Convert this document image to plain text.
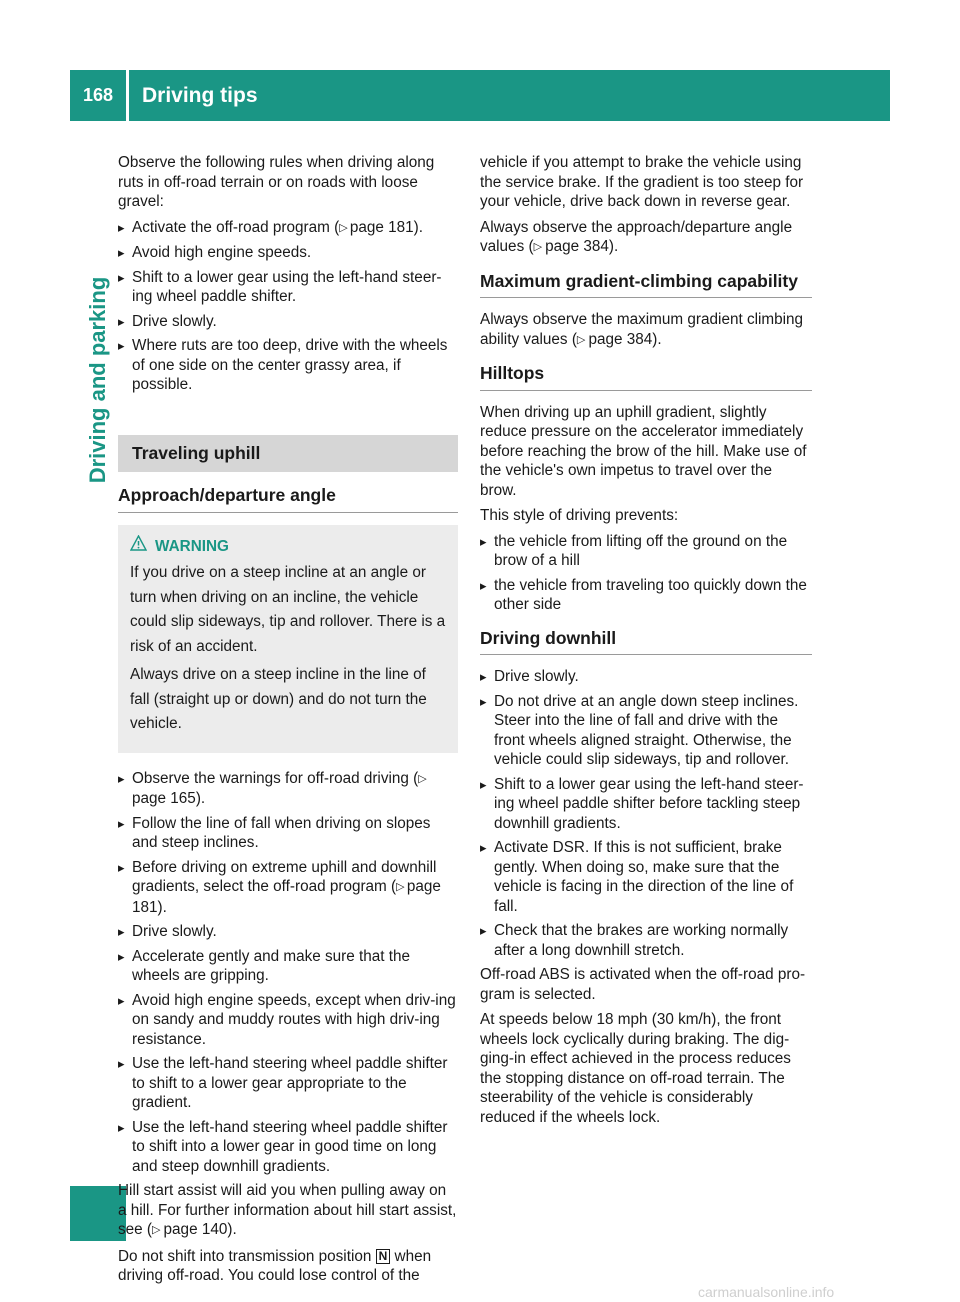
168	Driving tips
Driving and parking

Observe the following rules when driving along ruts in off-road terrain or on roads with loose gravel:

▸ Activate the off-road program (▷ page 181).
▸ Avoid high engine speeds.
▸ Shift to a lower gear using the left-hand steer-ing wheel paddle shifter.
▸ Drive slowly.
▸ Where ruts are too deep, drive with the wheels of one side on the center grassy area, if possible.
Traveling uphill
Approach/departure angle
WARNING

If you drive on a steep incline at an angle or turn when driving on an incline, the vehicle could slip sideways, tip and rollover. There is a risk of an accident.

Always drive on a steep incline in the line of fall (straight up or down) and do not turn the vehicle.

▸ Observe the warnings for off-road driving (▷ page 165).
▸ Follow the line of fall when driving on slopes and steep inclines.
▸ Before driving on extreme uphill and downhill gradients, select the off-road program (▷ page 181).
▸ Drive slowly.
▸ Accelerate gently and make sure that the wheels are gripping.
▸ Avoid high engine speeds, except when driv-ing on sandy and muddy routes with high driv-ing resistance.
▸ Use the left-hand steering wheel paddle shifter to shift to a lower gear appropriate to the gradient.
▸ Use the left-hand steering wheel paddle shifter to shift into a lower gear in good time on long and steep downhill gradients.

Hill start assist will aid you when pulling away on a hill. For further information about hill start assist, see (▷  page 140).

Do not shift into transmission position N when driving off-road. You could lose control of the

vehicle if you attempt to brake the vehicle using the service brake. If the gradient is too steep for your vehicle, drive back down in reverse gear.

Always observe the approach/departure angle values (▷  page 384).

Maximum gradient-climbing capability

Always observe the maximum gradient climbing ability values (▷  page 384).

Hilltops

When driving up an uphill gradient, slightly reduce pressure on the accelerator immediately before reaching the brow of the hill. Make use of the vehicle's own impetus to travel over the brow.

This style of driving prevents:

▸ the vehicle from lifting off the ground on the brow of a hill
▸ the vehicle from traveling too quickly down the other side
Driving downhill
▸ Drive slowly.
▸ Do not drive at an angle down steep inclines. Steer into the line of fall and drive with the front wheels aligned straight. Otherwise, the vehicle could slip sideways, tip and rollover.
▸ Shift to a lower gear using the left-hand steer-ing wheel paddle shifter before tackling steep downhill gradients.
▸ Activate DSR. If this is not sufficient, brake gently. When doing so, make sure that the vehicle is facing in the direction of the line of fall.
▸ Check that the brakes are working normally after a long downhill stretch.

Off-road ABS is activated when the off-road pro-gram is selected.

At speeds below 18 mph (30 km/h), the front wheels lock cyclically during braking. The dig-ging-in effect achieved in the process reduces the stopping distance on off-road terrain. The steerability of the vehicle is considerably reduced if the wheels lock.

carmanualsonline.info
